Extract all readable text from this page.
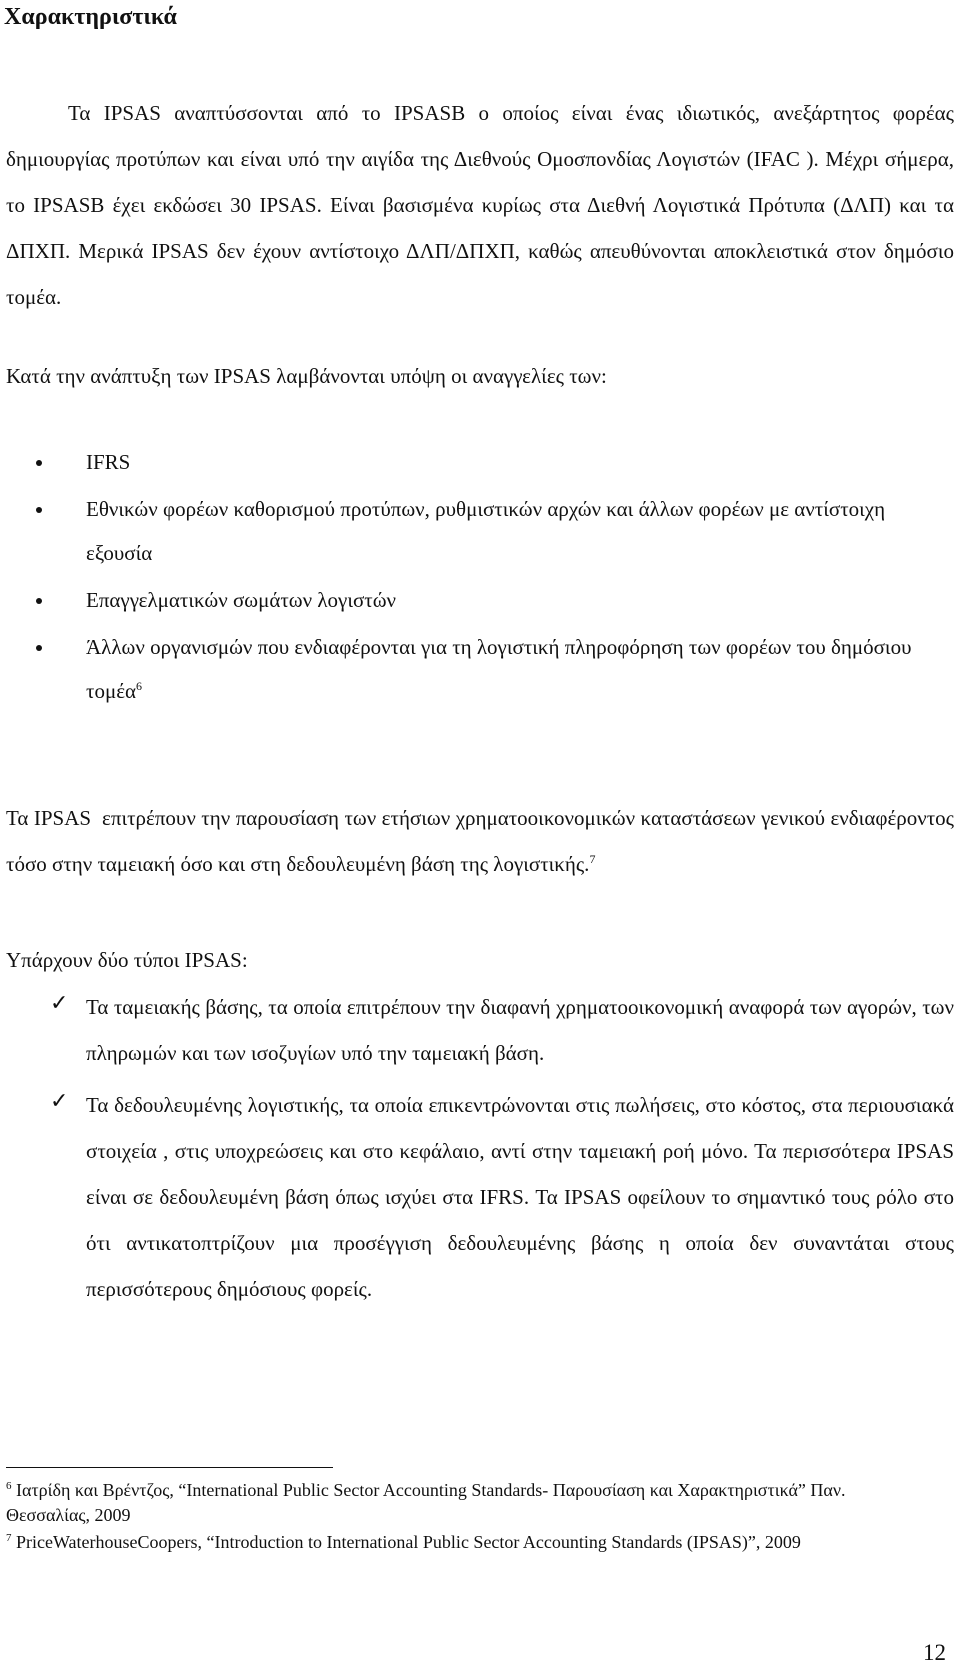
Χαρακτηριστικά
Τα IPSAS αναπτύσσονται από το IPSASB ο οποίος είναι ένας ιδιωτικός, ανεξάρτητος φορέας δημιουργίας προτύπων και είναι υπό την αιγίδα της Διεθνούς Ομοσπονδίας Λογιστών (IFAC ). Μέχρι σήμερα, το IPSASB έχει εκδώσει 30 IPSAS. Είναι βασισμένα κυρίως στα Διεθνή Λογιστικά Πρότυπα (ΔΛΠ) και τα ΔΠΧΠ. Μερικά IPSAS δεν έχουν αντίστοιχο ΔΛΠ/ΔΠΧΠ, καθώς απευθύνονται αποκλειστικά στον δημόσιο τομέα.
Κατά την ανάπτυξη των IPSAS λαμβάνονται υπόψη οι αναγγελίες των:
IFRS
Εθνικών φορέων καθορισμού προτύπων, ρυθμιστικών αρχών και άλλων φορέων με αντίστοιχη εξουσία
Επαγγελματικών σωμάτων λογιστών
Άλλων οργανισμών που ενδιαφέρονται για τη λογιστική πληροφόρηση των φορέων του δημόσιου τομέα$^6$
Τα IPSAS  επιτρέπουν την παρουσίαση των ετήσιων χρηματοοικονομικών καταστάσεων γενικού ενδιαφέροντος τόσο στην ταμειακή όσο και στη δεδουλευμένη βάση της λογιστικής.$^7$
Υπάρχουν δύο τύποι IPSAS:
✓ Τα ταμειακής βάσης, τα οποία επιτρέπουν την διαφανή χρηματοοικονομική αναφορά των αγορών, των πληρωμών και των ισοζυγίων υπό την ταμειακή βάση.
✓ Τα δεδουλευμένης λογιστικής, τα οποία επικεντρώνονται στις πωλήσεις, στο κόστος, στα περιουσιακά στοιχεία , στις υποχρεώσεις και στο κεφάλαιο, αντί στην ταμειακή ροή μόνο. Τα περισσότερα IPSAS είναι σε δεδουλευμένη βάση όπως ισχύει στα IFRS. Τα IPSAS οφείλουν το σημαντικό τους ρόλο στο ότι αντικατοπτρίζουν μια προσέγγιση δεδουλευμένης βάσης η οποία δεν συναντάται στους περισσότερους δημόσιους φορείς.
$^6$ Ιατρίδη και Βρέντζος, “International Public Sector Accounting Standards- Παρουσίαση και Χαρακτηριστικά” Παν. Θεσσαλίας, 2009
$^7$ PriceWaterhouseCoopers, “Introduction to International Public Sector Accounting Standards (IPSAS)”, 2009
12
